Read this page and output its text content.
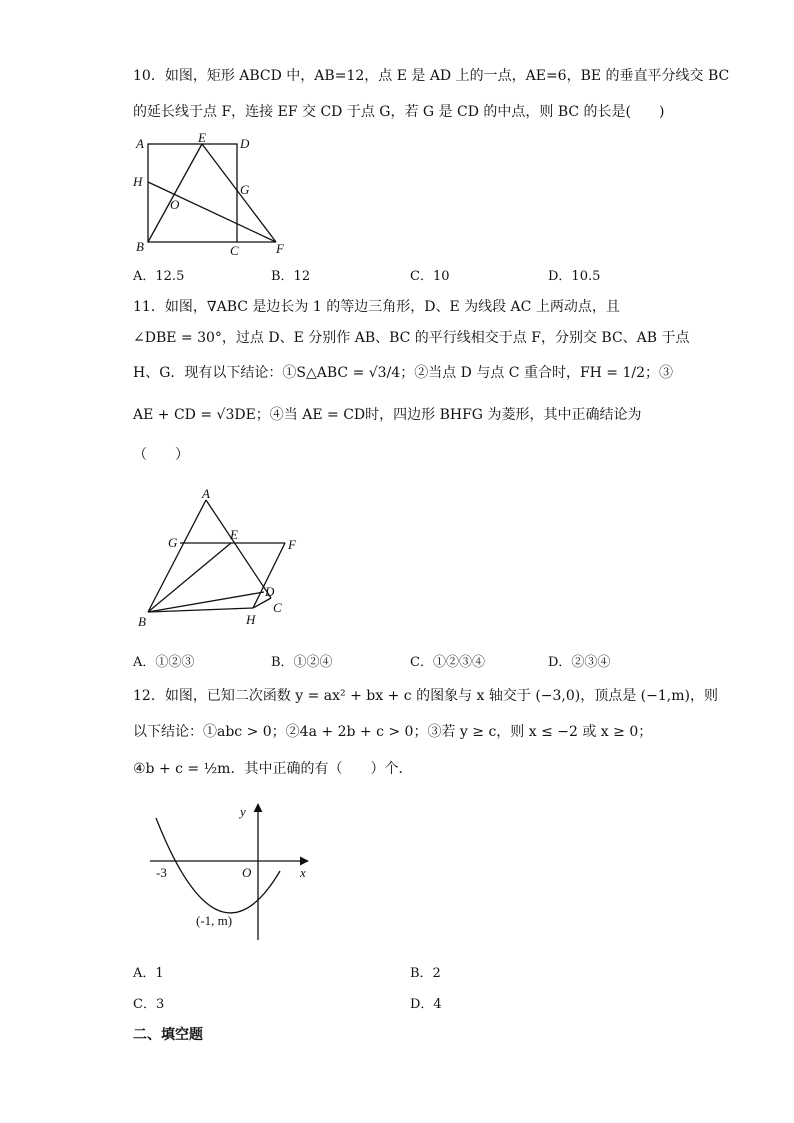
10．如图，矩形 ABCD 中，AB=12，点 E 是 AD 上的一点，AE=6，BE 的垂直平分线交 BC
的延长线于点 F，连接 EF 交 CD 于点 G，若 G 是 CD 的中点，则 BC 的长是(　　)
A	E	D
H
G
O
B	C	F
A．12.5	B．12	C．10	D．10.5
11．如图，∇ABC 是边长为 1 的等边三角形，D、E 为线段 AC 上两动点，且
∠DBE = 30°，过点 D、E 分别作 AB、BC 的平行线相交于点 F，分别交 BC、AB 于点
H、G．现有以下结论：①S△ABC = √3/4；②当点 D 与点 C 重合时，FH = 1/2；③
AE + CD = √3DE；④当 AE = CD时，四边形 BHFG 为菱形，其中正确结论为
（　　）
A
G
E
F
D
C
B	H
A．①②③	B．①②④	C．①②③④	D．②③④
12．如图，已知二次函数 y = ax² + bx + c 的图象与 x 轴交于 (−3,0)，顶点是 (−1,m)，则
以下结论：①abc > 0；②4a + 2b + c > 0；③若 y ≥ c，则 x ≤ −2 或 x ≥ 0；
④b + c = ½m．其中正确的有（　　）个．
y
x
O
-3
(-1, m)
A．1	B．2
C．3	D．4
二、填空题
